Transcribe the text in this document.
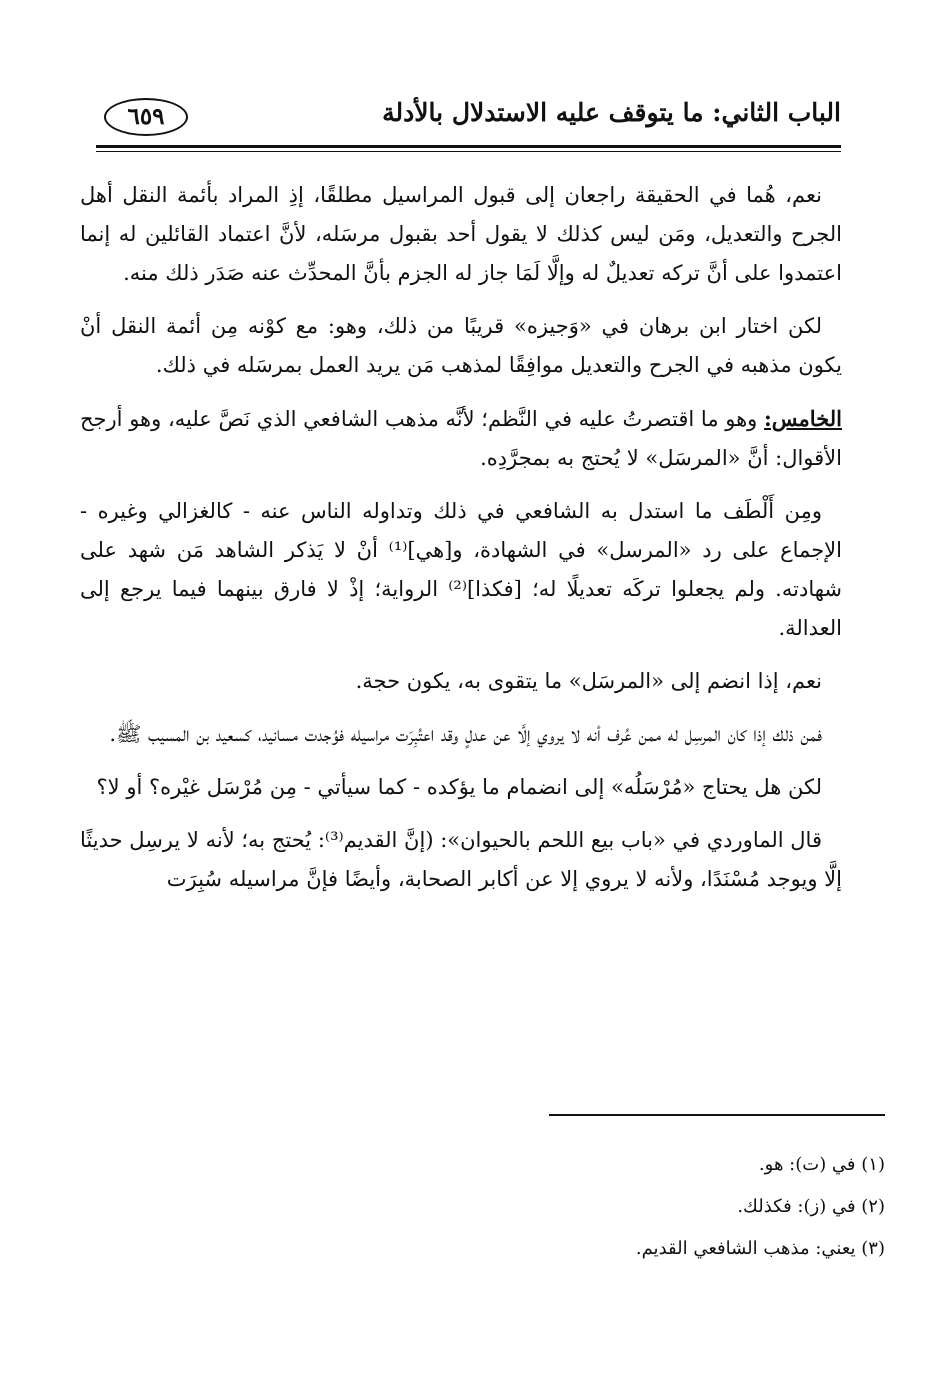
الباب الثاني: ما يتوقف عليه الاستدلال بالأدلة
٦٥٩

نعم، هُما في الحقيقة راجعان إلى قبول المراسيل مطلقًا، إذِ المراد بأئمة النقل أهل الجرح والتعديل، ومَن ليس كذلك لا يقول أحد بقبول مرسَله، لأنَّ اعتماد القائلين له إنما اعتمدوا على أنَّ تركه تعديلٌ له وإلَّا لَمَا جاز له الجزم بأنَّ المحدِّث عنه صَدَر ذلك منه.

لكن اختار ابن برهان في «وَجيزه» قريبًا من ذلك، وهو: مع كوْنه مِن أئمة النقل أنْ يكون مذهبه في الجرح والتعديل موافِقًا لمذهب مَن يريد العمل بمرسَله في ذلك.

الخامس: وهو ما اقتصرتُ عليه في النَّظم؛ لأنَّه مذهب الشافعي الذي نَصَّ عليه، وهو أرجح الأقوال: أنَّ «المرسَل» لا يُحتج به بمجرَّدِه.

ومِن أَلْطَف ما استدل به الشافعي في ذلك وتداوله الناس عنه - كالغزالي وغيره - الإجماع على رد «المرسل» في الشهادة، و[هي]⁽¹⁾ أنْ لا يَذكر الشاهد مَن شهد على شهادته. ولم يجعلوا تركَه تعديلًا له؛ [فكذا]⁽²⁾ الرواية؛ إذْ لا فارق بينهما فيما يرجع إلى العدالة.

نعم، إذا انضم إلى «المرسَل» ما يتقوى به، يكون حجة.

فمن ذلك إذا كان المرسِل له ممن عُرف أنه لا يروي إلَّا عن عدلٍ وقد اعتُبِرَت مراسيله فوُجدت مسانيد، كسعيد بن المسيب ﷺ.

لكن هل يحتاج «مُرْسَلُه» إلى انضمام ما يؤكده - كما سيأتي - مِن مُرْسَل غيْره؟ أو لا؟

قال الماوردي في «باب بيع اللحم بالحيوان»: (إنَّ القديم⁽³⁾: يُحتج به؛ لأنه لا يرسِل حديثًا إلَّا ويوجد مُسْنَدًا، ولأنه لا يروي إلا عن أكابر الصحابة، وأيضًا فإنَّ مراسيله سُبِرَت

(١) في (ت): هو.

(٢) في (ز): فكذلك.

(٣) يعني: مذهب الشافعي القديم.
